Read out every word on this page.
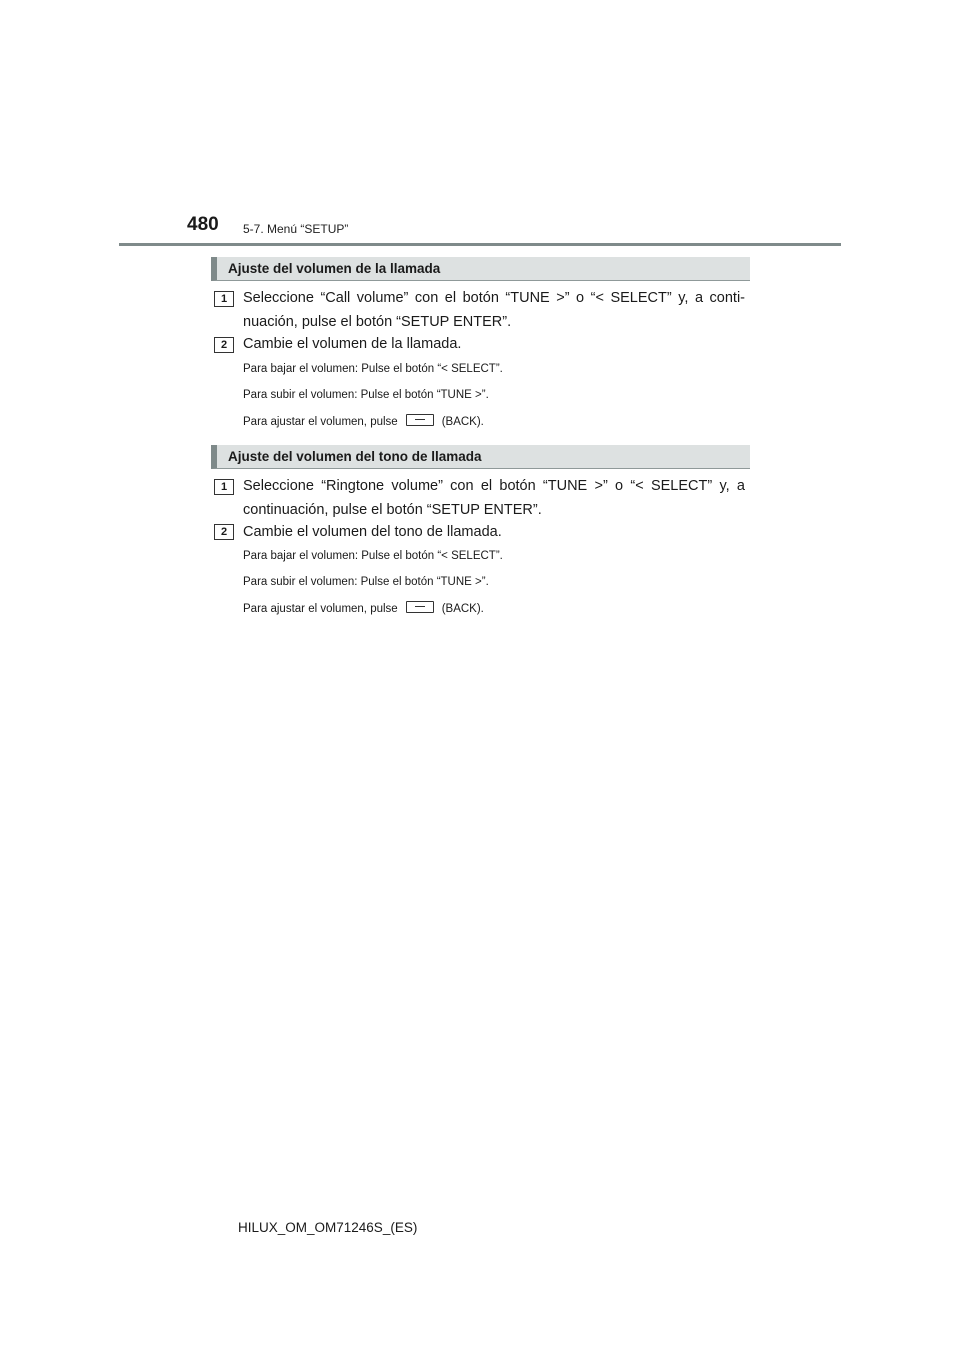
480 5-7. Menú “SETUP”
Ajuste del volumen de la llamada
1	Seleccione “Call volume” con el botón “TUNE >” o “< SELECT” y, a conti-nuación, pulse el botón “SETUP ENTER”.
2	Cambie el volumen de la llamada.
Para bajar el volumen: Pulse el botón “< SELECT”.
Para subir el volumen: Pulse el botón “TUNE >”.
Para ajustar el volumen, pulse	(BACK).
Ajuste del volumen del tono de llamada
1	Seleccione “Ringtone volume” con el botón “TUNE >” o “< SELECT” y, a continuación, pulse el botón “SETUP ENTER”.
2	Cambie el volumen del tono de llamada.
Para bajar el volumen: Pulse el botón “< SELECT”.
Para subir el volumen: Pulse el botón “TUNE >”.
Para ajustar el volumen, pulse	(BACK).
HILUX_OM_OM71246S_(ES)
